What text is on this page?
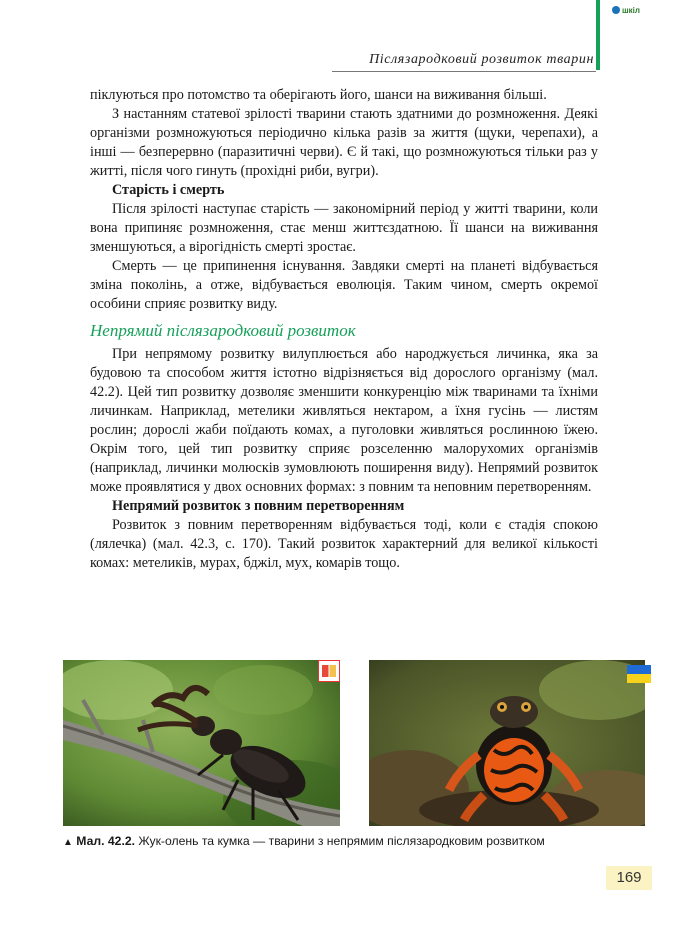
шкіл
Післязародковий розвиток тварин

піклуються про потомство та оберігають його, шанси на виживання більші.

З настанням статевої зрілості тварини стають здатними до розмноження. Деякі організми розмножуються періодично кілька разів за життя (щуки, черепахи), а інші — безперервно (паразитичні черви). Є й такі, що розмножуються тільки раз у житті, після чого гинуть (прохідні риби, вугри).

Старість і смерть

Після зрілості наступає старість — закономірний період у житті тварини, коли вона припиняє розмноження, стає менш життєздатною. Її шанси на виживання зменшуються, а вірогідність смерті зростає.

Смерть — це припинення існування. Завдяки смерті на планеті відбувається зміна поколінь, а отже, відбувається еволюція. Таким чином, смерть окремої особини сприяє розвитку виду.

Непрямий післязародковий розвиток

При непрямому розвитку вилуплюється або народжується личинка, яка за будовою та способом життя істотно відрізняється від дорослого організму (мал. 42.2). Цей тип розвитку дозволяє зменшити конкуренцію між тваринами та їхніми личинкам. Наприклад, метелики живляться нектаром, а їхня гусінь — листям рослин; дорослі жаби поїдають комах, а пуголовки живляться рослинною їжею. Окрім того, цей тип розвитку сприяє розселенню малорухомих організмів (наприклад, личинки молюсків зумовлюють поширення виду). Непрямий розвиток може проявлятися у двох основних формах: з повним та неповним перетворенням.

Непрямий розвиток з повним перетворенням

Розвиток з повним перетворенням відбувається тоді, коли є стадія спокою (лялечка) (мал. 42.3, с. 170). Такий розвиток характерний для великої кількості комах: метеликів, мурах, бджіл, мух, комарів тощо.

▲ Мал. 42.2. Жук-олень та кумка — тварини з непрямим післязародковим розвитком
169
